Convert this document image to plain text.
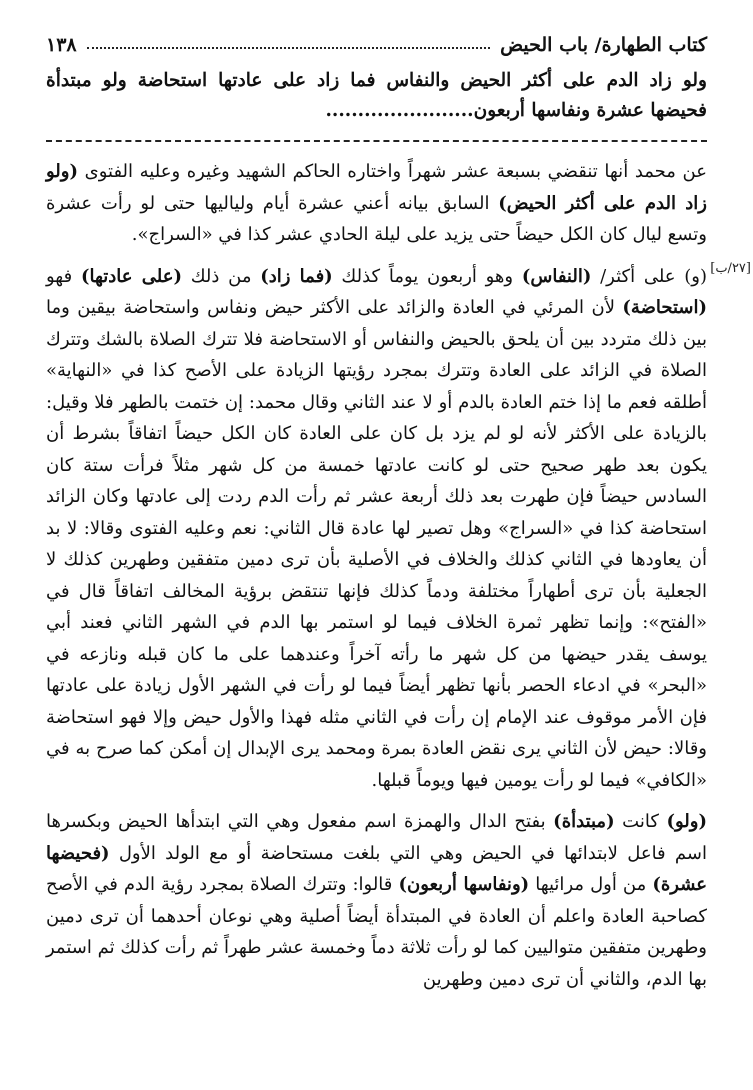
كتاب الطهارة/ باب الحيض
١٣٨
ولو زاد الدم على أكثر الحيض والنفاس فما زاد على عادتها استحاضة ولو مبتدأة فحيضها عشرة ونفاسها أربعون.......................

عن محمد أنها تنقضي بسبعة عشر شهراً واختاره الحاكم الشهيد وغيره وعليه الفتوى (ولو زاد الدم على أكثر الحيض) السابق بيانه أعني عشرة أيام ولياليها حتى لو رأت عشرة وتسع ليال كان الكل حيضاً حتى يزيد على ليلة الحادي عشر كذا في «السراج».

[٢٧/ب]

(و) على أكثر/ (النفاس) وهو أربعون يوماً كذلك (فما زاد) من ذلك (على عادتها) فهو (استحاضة) لأن المرئي في العادة والزائد على الأكثر حيض ونفاس واستحاضة بيقين وما بين ذلك متردد بين أن يلحق بالحيض والنفاس أو الاستحاضة فلا تترك الصلاة بالشك وتترك الصلاة في الزائد على العادة وتترك بمجرد رؤيتها الزيادة على الأصح كذا في «النهاية» أطلقه فعم ما إذا ختم العادة بالدم أو لا عند الثاني وقال محمد: إن ختمت بالطهر فلا وقيل: بالزيادة على الأكثر لأنه لو لم يزد بل كان على العادة كان الكل حيضاً اتفاقاً بشرط أن يكون بعد طهر صحيح حتى لو كانت عادتها خمسة من كل شهر مثلاً فرأت ستة كان السادس حيضاً فإن طهرت بعد ذلك أربعة عشر ثم رأت الدم ردت إلى عادتها وكان الزائد استحاضة كذا في «السراج» وهل تصير لها عادة قال الثاني: نعم وعليه الفتوى وقالا: لا بد أن يعاودها في الثاني كذلك والخلاف في الأصلية بأن ترى دمين متفقين وطهرين كذلك لا الجعلية بأن ترى أطهاراً مختلفة ودماً كذلك فإنها تنتقض برؤية المخالف اتفاقاً قال في «الفتح»: وإنما تظهر ثمرة الخلاف فيما لو استمر بها الدم في الشهر الثاني فعند أبي يوسف يقدر حيضها من كل شهر ما رأته آخراً وعندهما على ما كان قبله ونازعه في «البحر» في ادعاء الحصر بأنها تظهر أيضاً فيما لو رأت في الشهر الأول زيادة على عادتها فإن الأمر موقوف عند الإمام إن رأت في الثاني مثله فهذا والأول حيض وإلا فهو استحاضة وقالا: حيض لأن الثاني يرى نقض العادة بمرة ومحمد يرى الإبدال إن أمكن كما صرح به في «الكافي» فيما لو رأت يومين فيها ويوماً قبلها.

(ولو) كانت (مبتدأة) بفتح الدال والهمزة اسم مفعول وهي التي ابتدأها الحيض وبكسرها اسم فاعل لابتدائها في الحيض وهي التي بلغت مستحاضة أو مع الولد الأول (فحيضها عشرة) من أول مرائيها (ونفاسها أربعون) قالوا: وتترك الصلاة بمجرد رؤية الدم في الأصح كصاحبة العادة واعلم أن العادة في المبتدأة أيضاً أصلية وهي نوعان أحدهما أن ترى دمين وطهرين متفقين متواليين كما لو رأت ثلاثة دماً وخمسة عشر طهراً ثم رأت كذلك ثم استمر بها الدم، والثاني أن ترى دمين وطهرين
